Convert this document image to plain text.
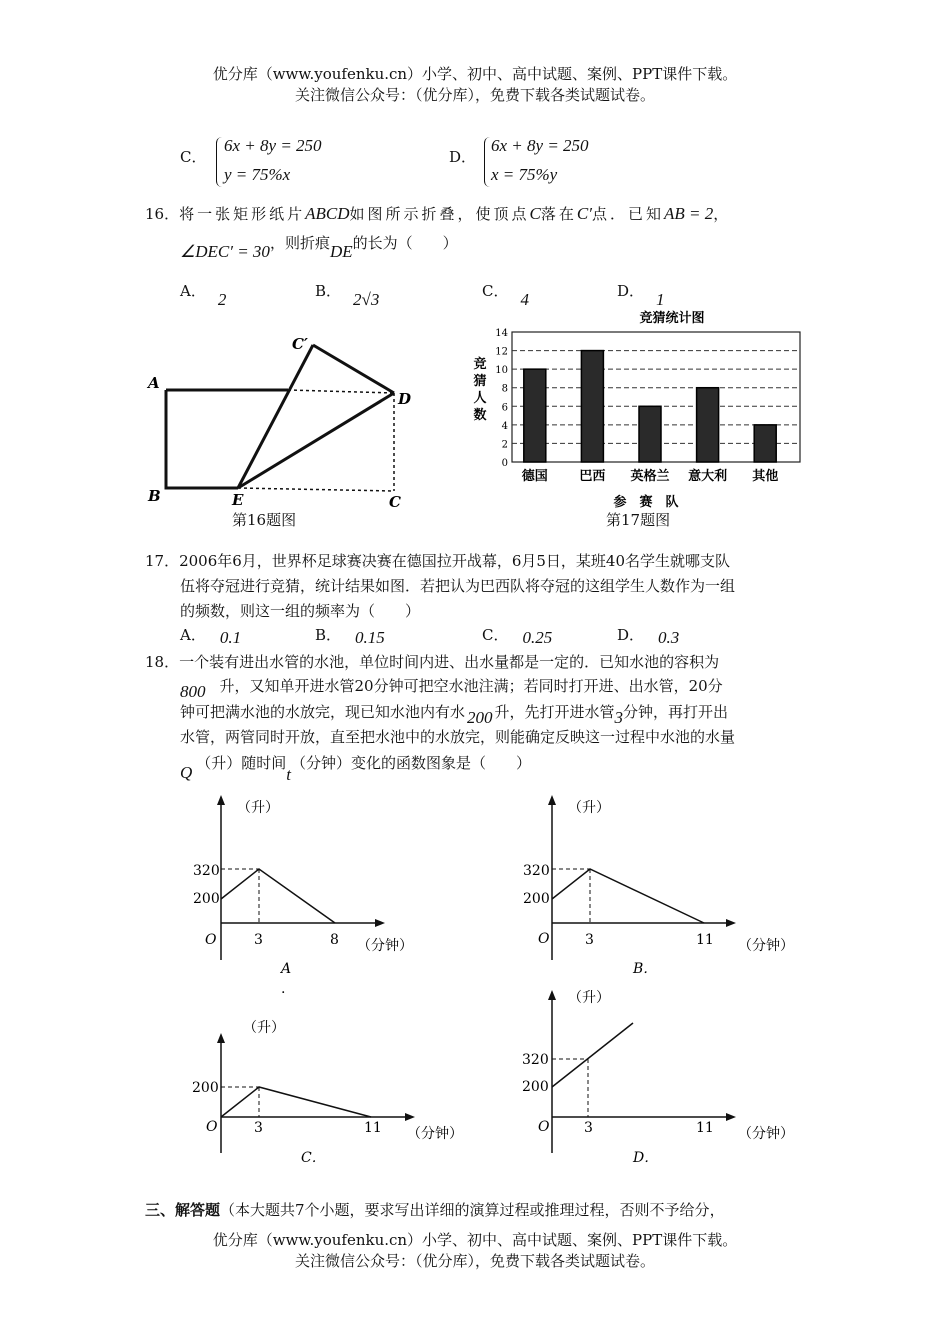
优分库（www.youfenku.cn）小学、初中、高中试题、案例、PPT课件下载。
关注微信公众号：（优分库），免费下载各类试题试卷。
C．
6x + 8y = 250
y = 75%x
D．
6x + 8y = 250
x = 75%y
16．将一张矩形纸片ABCD如图所示折叠，使顶点C落在C′点．已知AB = 2，
∠DEC′ = 30，则折痕DE的长为（　　）
A． 2	B． 2√3	C． 4	D． 1
A
B	E	C
D
C′
第16题图
竞猜统计图
竞
猜
人
数
参　赛　队
0
2
4
6
8
10
12
14
德国 巴西 英格兰 意大利 其他
第17题图
17．2006年6月，世界杯足球赛决赛在德国拉开战幕，6月5日，某班40名学生就哪支队
伍将夺冠进行竞猜，统计结果如图．若把认为巴西队将夺冠的这组学生人数作为一组
的频数，则这一组的频率为（　　）
A． 0.1	B． 0.15	C． 0.25	D． 0.3
18．一个装有进出水管的水池，单位时间内进、出水量都是一定的．已知水池的容积为
800 升，又知单开进水管20分钟可把空水池注满；若同时打开进、出水管，20分
钟可把满水池的水放完，现已知水池内有水 200 升，先打开进水管3分钟，再打开出
水管，两管同时开放，直至把水池中的水放完，则能确定反映这一过程中水池的水量
Q （升）随时间t（分钟）变化的函数图象是（　　）
（升）
320
200
O	3	8 （分钟）
A
.
（升）
320
200
O	3	11 （分钟）
B．
（升）
200
O	3	11 （分钟）
C．
（升）
320
200
O 3	11 （分钟）
D．
三、解答题（本大题共7个小题，要求写出详细的演算过程或推理过程，否则不予给分，
优分库（www.youfenku.cn）小学、初中、高中试题、案例、PPT课件下载。
关注微信公众号：（优分库），免费下载各类试题试卷。
